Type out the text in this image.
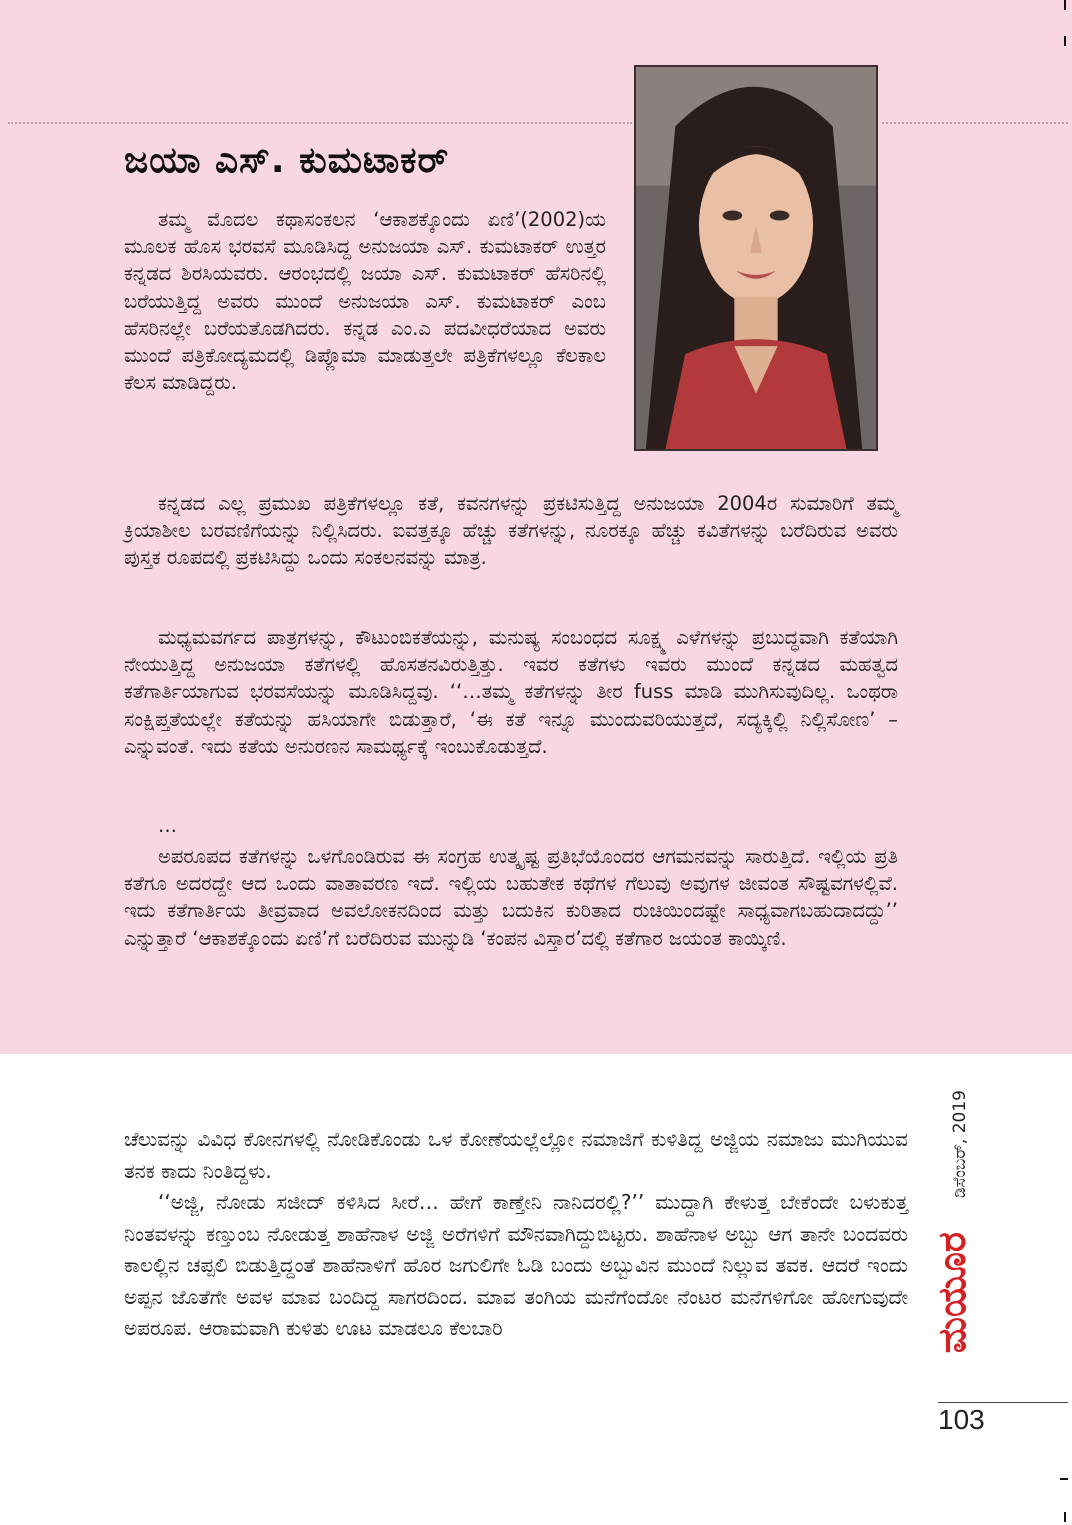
ಜಯಾ ಎಸ್. ಕುಮಟಾಕರ್

ತಮ್ಮ ಮೊದಲ ಕಥಾಸಂಕಲನ ‘ಆಕಾಶಕ್ಕೊಂದು ಏಣಿ’(2002)ಯ ಮೂಲಕ ಹೊಸ ಭರವಸೆ ಮೂಡಿಸಿದ್ದ ಅನುಜಯಾ ಎಸ್. ಕುಮಟಾಕರ್ ಉತ್ತರ ಕನ್ನಡದ ಶಿರಸಿಯವರು. ಆರಂಭದಲ್ಲಿ ಜಯಾ ಎಸ್. ಕುಮಟಾಕರ್ ಹೆಸರಿನಲ್ಲಿ ಬರೆಯುತ್ತಿದ್ದ ಅವರು ಮುಂದೆ ಅನುಜಯಾ ಎಸ್. ಕುಮಟಾಕರ್ ಎಂಬ ಹೆಸರಿನಲ್ಲೇ ಬರೆಯತೊಡಗಿದರು. ಕನ್ನಡ ಎಂ.ಎ ಪದವೀಧರೆಯಾದ ಅವರು ಮುಂದೆ ಪತ್ರಿಕೋದ್ಯಮದಲ್ಲಿ ಡಿಪ್ಲೊಮಾ ಮಾಡುತ್ತಲೇ ಪತ್ರಿಕೆಗಳಲ್ಲೂ ಕೆಲಕಾಲ ಕೆಲಸ ಮಾಡಿದ್ದರು.

ಕನ್ನಡದ ಎಲ್ಲ ಪ್ರಮುಖ ಪತ್ರಿಕೆಗಳಲ್ಲೂ ಕತೆ, ಕವನಗಳನ್ನು ಪ್ರಕಟಿಸುತ್ತಿದ್ದ ಅನುಜಯಾ 2004ರ ಸುಮಾರಿಗೆ ತಮ್ಮ ಕ್ರಿಯಾಶೀಲ ಬರವಣಿಗೆಯನ್ನು ನಿಲ್ಲಿಸಿದರು. ಐವತ್ತಕ್ಕೂ ಹೆಚ್ಚು ಕತೆಗಳನ್ನು, ನೂರಕ್ಕೂ ಹೆಚ್ಚು ಕವಿತೆಗಳನ್ನು ಬರೆದಿರುವ ಅವರು ಪುಸ್ತಕ ರೂಪದಲ್ಲಿ ಪ್ರಕಟಿಸಿದ್ದು ಒಂದು ಸಂಕಲನವನ್ನು ಮಾತ್ರ.

ಮಧ್ಯಮವರ್ಗದ ಪಾತ್ರಗಳನ್ನು, ಕೌಟುಂಬಿಕತೆಯನ್ನು, ಮನುಷ್ಯ ಸಂಬಂಧದ ಸೂಕ್ಷ್ಮ ಎಳೆಗಳನ್ನು ಪ್ರಬುದ್ಧವಾಗಿ ಕತೆಯಾಗಿ ನೇಯುತ್ತಿದ್ದ ಅನುಜಯಾ ಕತೆಗಳಲ್ಲಿ ಹೊಸತನವಿರುತ್ತಿತ್ತು. ಇವರ ಕತೆಗಳು ಇವರು ಮುಂದೆ ಕನ್ನಡದ ಮಹತ್ವದ ಕತೆಗಾರ್ತಿಯಾಗುವ ಭರವಸೆಯನ್ನು ಮೂಡಿಸಿದ್ದವು. ‘‘…ತಮ್ಮ ಕತೆಗಳನ್ನು ತೀರ fuss ಮಾಡಿ ಮುಗಿಸುವುದಿಲ್ಲ. ಒಂಥರಾ ಸಂಕ್ಷಿಪ್ತತೆಯಲ್ಲೇ ಕತೆಯನ್ನು ಹಸಿಯಾಗೇ ಬಿಡುತ್ತಾರೆ, ‘ಈ ಕತೆ ಇನ್ನೂ ಮುಂದುವರಿಯುತ್ತದೆ, ಸದ್ಯಕ್ಕಿಲ್ಲಿ ನಿಲ್ಲಿಸೋಣ’ –ಎನ್ನುವಂತೆ. ಇದು ಕತೆಯ ಅನುರಣನ ಸಾಮರ್ಥ್ಯಕ್ಕೆ ಇಂಬುಕೊಡುತ್ತದೆ.

…

ಅಪರೂಪದ ಕತೆಗಳನ್ನು ಒಳಗೊಂಡಿರುವ ಈ ಸಂಗ್ರಹ ಉತ್ಕೃಷ್ಟ ಪ್ರತಿಭೆಯೊಂದರ ಆಗಮನವನ್ನು ಸಾರುತ್ತಿದೆ. ಇಲ್ಲಿಯ ಪ್ರತಿ ಕತೆಗೂ ಅದರದ್ದೇ ಆದ ಒಂದು ವಾತಾವರಣ ಇದೆ. ಇಲ್ಲಿಯ ಬಹುತೇಕ ಕಥೆಗಳ ಗೆಲುವು ಅವುಗಳ ಜೀವಂತ ಸೌಷ್ಟವಗಳಲ್ಲಿವೆ. ಇದು ಕತೆಗಾರ್ತಿಯ ತೀವ್ರವಾದ ಅವಲೋಕನದಿಂದ ಮತ್ತು ಬದುಕಿನ ಕುರಿತಾದ ರುಚಿಯಿಂದಷ್ಟೇ ಸಾಧ್ಯವಾಗಬಹುದಾದದ್ದು’’ ಎನ್ನುತ್ತಾರೆ ‘ಆಕಾಶಕ್ಕೊಂದು ಏಣಿ’ಗೆ ಬರೆದಿರುವ ಮುನ್ನುಡಿ ‘ಕಂಪನ ವಿಸ್ತಾರ’ದಲ್ಲಿ ಕತೆಗಾರ ಜಯಂತ ಕಾಯ್ಕಿಣಿ.

ಚೆಲುವನ್ನು ವಿವಿಧ ಕೋನಗಳಲ್ಲಿ ನೋಡಿಕೊಂಡು ಒಳ ಕೋಣೆಯಲ್ಲೆಲ್ಲೋ ನಮಾಜಿಗೆ ಕುಳಿತಿದ್ದ ಅಜ್ಜಿಯ ನಮಾಜು ಮುಗಿಯುವ ತನಕ ಕಾದು ನಿಂತಿದ್ದಳು.

‘‘ಅಜ್ಜಿ, ನೋಡು ಸಜೀದ್ ಕಳಿಸಿದ ಸೀರೆ… ಹೇಗೆ ಕಾಣ್ತೇನಿ ನಾನಿದರಲ್ಲಿ?’’ ಮುದ್ದಾಗಿ ಕೇಳುತ್ತ ಬೇಕೆಂದೇ ಬಳುಕುತ್ತ ನಿಂತವಳನ್ನು ಕಣ್ತುಂಬ ನೋಡುತ್ತ ಶಾಹೆನಾಳ ಅಜ್ಜಿ ಅರೆಗಳಿಗೆ ಮೌನವಾಗಿದ್ದುಬಿಟ್ಟರು. ಶಾಹೆನಾಳ ಅಬ್ಬು ಆಗ ತಾನೇ ಬಂದವರು ಕಾಲಲ್ಲಿನ ಚಪ್ಪಲಿ ಬಿಡುತ್ತಿದ್ದಂತೆ ಶಾಹೆನಾಳಿಗೆ ಹೊರ ಜಗುಲಿಗೇ ಓಡಿ ಬಂದು ಅಬ್ಬುವಿನ ಮುಂದೆ ನಿಲ್ಲುವ ತವಕ. ಆದರೆ ಇಂದು ಅಪ್ಪನ ಜೊತೆಗೇ ಅವಳ ಮಾವ ಬಂದಿದ್ದ ಸಾಗರದಿಂದ. ಮಾವ ತಂಗಿಯ ಮನೆಗೆಂದೋ ನೆಂಟರ ಮನೆಗಳಿಗೋ ಹೋಗುವುದೇ ಅಪರೂಪ. ಆರಾಮವಾಗಿ ಕುಳಿತು ಊಟ ಮಾಡಲೂ ಕೆಲಬಾರಿ

ಡಿಸೆಂಬರ್, 2019
ಮಯೂರ
103
